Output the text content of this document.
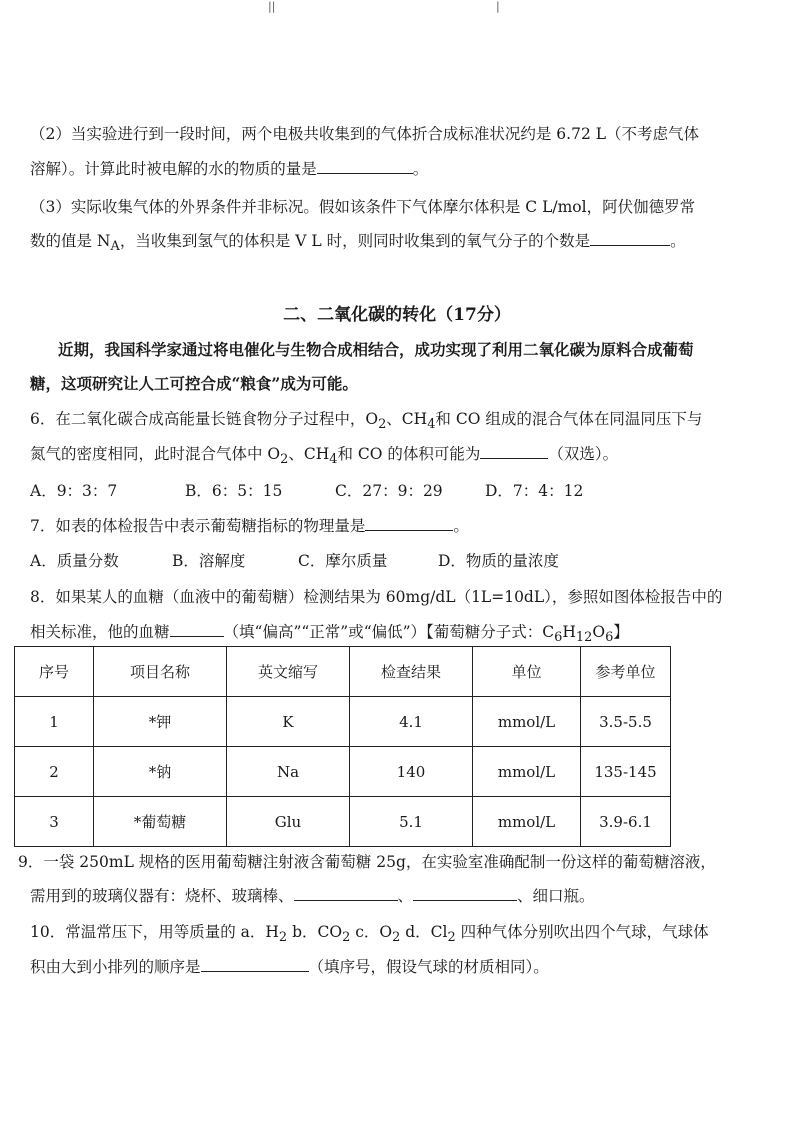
||	|
（2）当实验进行到一段时间，两个电极共收集到的气体折合成标准状况约是 6.72 L（不考虑气体
溶解）。计算此时被电解的水的物质的量是	。
（3）实际收集气体的外界条件并非标况。假如该条件下气体摩尔体积是 C L/mol，阿伏伽德罗常
数的值是 $N_A$，当收集到氢气的体积是 V L 时，则同时收集到的氧气分子的个数是	。
二、二氧化碳的转化（17分）
近期，我国科学家通过将电催化与生物合成相结合，成功实现了利用二氧化碳为原料合成葡萄
糖，这项研究让人工可控合成“粮食”成为可能。
6．在二氧化碳合成高能量长链食物分子过程中，$O_2$、$CH_4$和 CO 组成的混合气体在同温同压下与
氮气的密度相同，此时混合气体中 $O_2$、$CH_4$和 CO 的体积可能为	（双选）。
A．9：3：7	B．6：5：15	C．27：9：29	D．7：4：12
7．如表的体检报告中表示葡萄糖指标的物理量是	。
A．质量分数	B．溶解度	C．摩尔质量	D．物质的量浓度
8．如果某人的血糖（血液中的葡萄糖）检测结果为 60mg/dL（1L=10dL），参照如图体检报告中的
相关标准，他的血糖	（填“偏高”“正常”或“偏低”）【葡萄糖分子式：$C_6H_{12}O_6$】
序号	项目名称	英文缩写	检查结果	单位	参考单位
1	*钾	K	4.1	mmol/L	3.5-5.5
2	*钠	Na	140	mmol/L	135-145
3	*葡萄糖	Glu	5.1	mmol/L	3.9-6.1
9．一袋 250mL 规格的医用葡萄糖注射液含葡萄糖 25g，在实验室准确配制一份这样的葡萄糖溶液，
需用到的玻璃仪器有：烧杯、玻璃棒、	、	、细口瓶。
10．常温常压下，用等质量的 a．$H_2$ b．$CO_2$ c．$O_2$ d．$Cl_2$ 四种气体分别吹出四个气球，气球体
积由大到小排列的顺序是	（填序号，假设气球的材质相同）。
